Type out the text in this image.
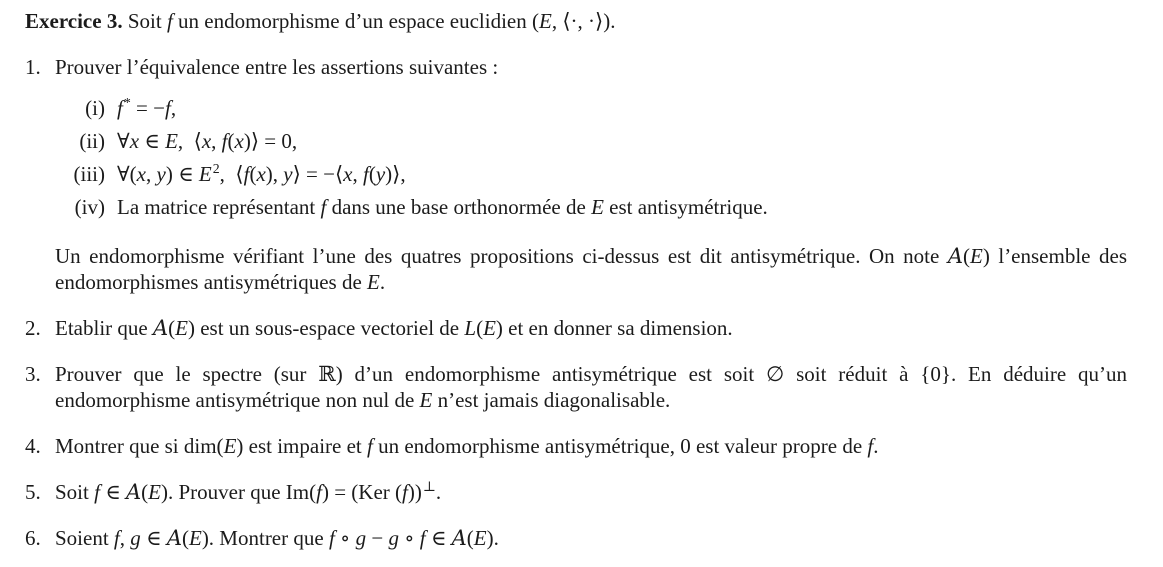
Exercice 3. Soit f un endomorphisme d’un espace euclidien (E, ⟨·, ·⟩).

1. Prouver l’équivalence entre les assertions suivantes :
(i) f* = −f,
(ii) ∀x ∈ E, ⟨x, f(x)⟩ = 0,
(iii) ∀(x, y) ∈ $E^2$, ⟨f(x), y⟩ = −⟨x, f(y)⟩,
(iv) La matrice représentant f dans une base orthonormée de E est antisymétrique.
Un endomorphisme vérifiant l’une des quatres propositions ci-dessus est dit antisymétrique. On note A(E) l’ensemble des endomorphismes antisymétriques de E.
2. Etablir que A(E) est un sous-espace vectoriel de L(E) et en donner sa dimension.
3. Prouver que le spectre (sur ℝ) d’un endomorphisme antisymétrique est soit ∅ soit réduit à {0}. En déduire qu’un endomorphisme antisymétrique non nul de E n’est jamais diagonalisable.
4. Montrer que si dim(E) est impaire et f un endomorphisme antisymétrique, 0 est valeur propre de f.
5. Soit f ∈ A(E). Prouver que Im(f) = (Ker (f))⊥.
6. Soient f, g ∈ A(E). Montrer que f ∘ g − g ∘ f ∈ A(E).
